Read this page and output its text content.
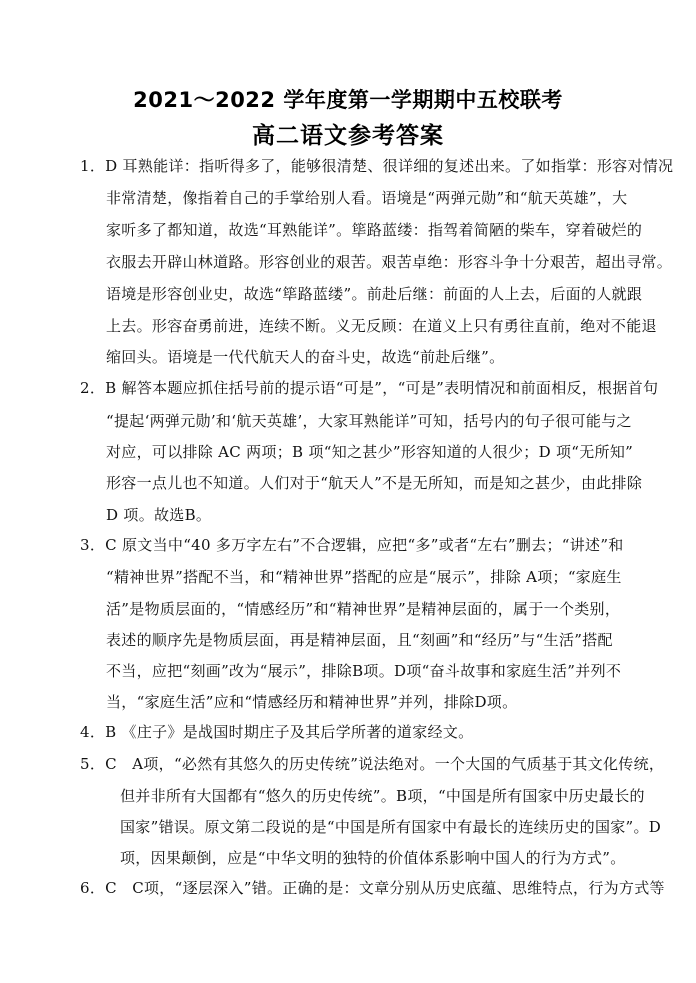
2021～2022 学年度第一学期期中五校联考
高二语文参考答案
1．D 耳熟能详：指听得多了，能够很清楚、很详细的复述出来。了如指掌：形容对情况
非常清楚，像指着自己的手掌给别人看。语境是“两弹元勋”和“航天英雄”，大
家听多了都知道，故选“耳熟能详”。筚路蓝缕：指驾着简陋的柴车，穿着破烂的
衣服去开辟山林道路。形容创业的艰苦。艰苦卓绝：形容斗争十分艰苦，超出寻常。
语境是形容创业史，故选“筚路蓝缕”。前赴后继：前面的人上去，后面的人就跟
上去。形容奋勇前进，连续不断。义无反顾：在道义上只有勇往直前，绝对不能退
缩回头。语境是一代代航天人的奋斗史，故选“前赴后继”。
2．B 解答本题应抓住括号前的提示语“可是”，“可是”表明情况和前面相反，根据首句
“提起‘两弹元勋’和‘航天英雄’，大家耳熟能详”可知，括号内的句子很可能与之
对应，可以排除 AC 两项；B 项“知之甚少”形容知道的人很少；D 项“无所知”
形容一点儿也不知道。人们对于“航天人”不是无所知，而是知之甚少，由此排除
D 项。故选B。
3．C 原文当中“40 多万字左右”不合逻辑，应把“多”或者“左右”删去；“讲述”和
“精神世界”搭配不当，和“精神世界”搭配的应是“展示”，排除 A项；“家庭生
活”是物质层面的，“情感经历”和“精神世界”是精神层面的，属于一个类别，
表述的顺序先是物质层面，再是精神层面，且“刻画”和“经历”与“生活”搭配
不当，应把“刻画”改为“展示”，排除B项。D项“奋斗故事和家庭生活”并列不
当，“家庭生活”应和“情感经历和精神世界”并列，排除D项。
4．B 《庄子》是战国时期庄子及其后学所著的道家经文。
5．C　A项，“必然有其悠久的历史传统”说法绝对。一个大国的气质基于其文化传统，
但并非所有大国都有“悠久的历史传统”。B项，“中国是所有国家中历史最长的
国家”错误。原文第二段说的是“中国是所有国家中有最长的连续历史的国家”。D
项，因果颠倒，应是“中华文明的独特的价值体系影响中国人的行为方式”。
6．C　C项，“逐层深入”错。正确的是：文章分别从历史底蕴、思维特点，行为方式等
